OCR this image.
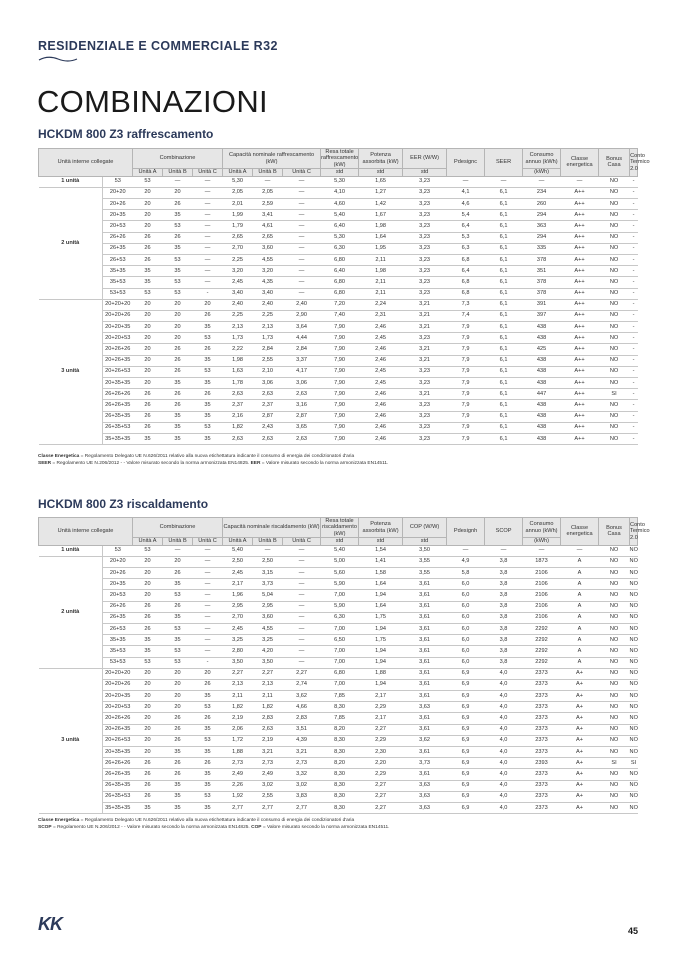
RESIDENZIALE E COMMERCIALE R32
COMBINAZIONI
HCKDM 800 Z3 raffrescamento
Unità interne collegate		Combinazione			Capacità nominale raffrescamento (kW)			Resa totale raffrescamento (kW)	Potenza assorbita (kW)	EER (W/W)	Pdesignc	SEER	Consumo annuo (kWh)	Classe energetica	Bonus Casa	Conto Termico 2.0
		Unità A	Unità B	Unità C	Unità A	Unità B	Unità C	std	std	std			(kWh)			
1 unità	53	53	—	—	5,30	—	—	5,30	1,65	3,23	—	—	—	—	NO	-
2 unità	20+20	20	20	—	2,05	2,05	—	4,10	1,27	3,23	4,1	6,1	234	A++	NO	-
	20+26	20	26	—	2,01	2,59	—	4,60	1,42	3,23	4,6	6,1	260	A++	NO	-
	20+35	20	35	—	1,99	3,41	—	5,40	1,67	3,23	5,4	6,1	294	A++	NO	-
	20+53	20	53	—	1,79	4,61	—	6,40	1,98	3,23	6,4	6,1	363	A++	NO	-
	26+26	26	26	—	2,65	2,65	—	5,30	1,64	3,23	5,3	6,1	294	A++	NO	-
	26+35	26	35	—	2,70	3,60	—	6,30	1,95	3,23	6,3	6,1	335	A++	NO	-
	26+53	26	53	—	2,25	4,55	—	6,80	2,11	3,23	6,8	6,1	378	A++	NO	-
	35+35	35	35	—	3,20	3,20	—	6,40	1,98	3,23	6,4	6,1	351	A++	NO	-
	35+53	35	53	—	2,45	4,35	—	6,80	2,11	3,23	6,8	6,1	378	A++	NO	-
	53+53	53	53	-	3,40	3,40	—	6,80	2,11	3,23	6,8	6,1	378	A++	NO	-
3 unità	20+20+20	20	20	20	2,40	2,40	2,40	7,20	2,24	3,21	7,3	6,1	391	A++	NO	-
	20+20+26	20	20	26	2,25	2,25	2,90	7,40	2,31	3,21	7,4	6,1	397	A++	NO	-
	20+20+35	20	20	35	2,13	2,13	3,64	7,90	2,46	3,21	7,9	6,1	438	A++	NO	-
	20+20+53	20	20	53	1,73	1,73	4,44	7,90	2,45	3,23	7,9	6,1	438	A++	NO	-
	20+26+26	20	26	26	2,22	2,84	2,84	7,90	2,46	3,21	7,9	6,1	425	A++	NO	-
	20+26+35	20	26	35	1,98	2,55	3,37	7,90	2,46	3,21	7,9	6,1	438	A++	NO	-
	20+26+53	20	26	53	1,63	2,10	4,17	7,90	2,45	3,23	7,9	6,1	438	A++	NO	-
	20+35+35	20	35	35	1,78	3,06	3,06	7,90	2,45	3,23	7,9	6,1	438	A++	NO	-
	26+26+26	26	26	26	2,63	2,63	2,63	7,90	2,46	3,21	7,9	6,1	447	A++	SI	-
	26+26+35	26	26	35	2,37	2,37	3,16	7,90	2,46	3,23	7,9	6,1	438	A++	NO	-
	26+35+35	26	35	35	2,16	2,87	2,87	7,90	2,46	3,23	7,9	6,1	438	A++	NO	-
	26+35+53	26	35	53	1,82	2,43	3,65	7,90	2,46	3,23	7,9	6,1	438	A++	NO	-
	35+35+35	35	35	35	2,63	2,63	2,63	7,90	2,46	3,23	7,9	6,1	438	A++	NO	-
Classe Energetica = Regolamento Delegato UE N.626/2011 relativo alla nuova etichettatura indicante il consumo di energia dei condizionatori d'aria
SEER = Regolamento UE N.206/2012 - - Valore misurato secondo la norma armonizzata EN14825. EER = Valore misurato secondo la norma armonizzata EN14511.
HCKDM 800 Z3 riscaldamento
Unità interne collegate		Combinazione			Capacità nominale riscaldamento (kW)			Resa totale riscaldamento (kW)	Potenza assorbita (kW)	COP (W/W)	Pdesignh	SCOP	Consumo annuo (kWh)	Classe energetica	Bonus Casa	Conto Termico 2.0
		Unità A	Unità B	Unità C	Unità A	Unità B	Unità C	std	std	std			(kWh)			
1 unità	53	53	—	—	5,40	—	—	5,40	1,54	3,50	—	—	—	—	NO	NO
2 unità	20+20	20	20	—	2,50	2,50	—	5,00	1,41	3,55	4,9	3,8	1873	A	NO	NO
	20+26	20	26	—	2,45	3,15	—	5,60	1,58	3,55	5,8	3,8	2106	A	NO	NO
	20+35	20	35	—	2,17	3,73	—	5,90	1,64	3,61	6,0	3,8	2106	A	NO	NO
	20+53	20	53	—	1,96	5,04	—	7,00	1,94	3,61	6,0	3,8	2106	A	NO	NO
	26+26	26	26	—	2,95	2,95	—	5,90	1,64	3,61	6,0	3,8	2106	A	NO	NO
	26+35	26	35	—	2,70	3,60	—	6,30	1,75	3,61	6,0	3,8	2106	A	NO	NO
	26+53	26	53	—	2,45	4,55	—	7,00	1,94	3,61	6,0	3,8	2292	A	NO	NO
	35+35	35	35	—	3,25	3,25	—	6,50	1,75	3,61	6,0	3,8	2292	A	NO	NO
	35+53	35	53	—	2,80	4,20	—	7,00	1,94	3,61	6,0	3,8	2292	A	NO	NO
	53+53	53	53	-	3,50	3,50	—	7,00	1,94	3,61	6,0	3,8	2292	A	NO	NO
3 unità	20+20+20	20	20	20	2,27	2,27	2,27	6,80	1,88	3,61	6,9	4,0	2373	A+	NO	NO
	20+20+26	20	20	26	2,13	2,13	2,74	7,00	1,94	3,61	6,9	4,0	2373	A+	NO	NO
	20+20+35	20	20	35	2,11	2,11	3,62	7,85	2,17	3,61	6,9	4,0	2373	A+	NO	NO
	20+20+53	20	20	53	1,82	1,82	4,66	8,30	2,29	3,63	6,9	4,0	2373	A+	NO	NO
	20+26+26	20	26	26	2,19	2,83	2,83	7,85	2,17	3,61	6,9	4,0	2373	A+	NO	NO
	20+26+35	20	26	35	2,06	2,63	3,51	8,20	2,27	3,61	6,9	4,0	2373	A+	NO	NO
	20+26+53	20	26	53	1,72	2,19	4,39	8,30	2,29	3,62	6,9	4,0	2373	A+	NO	NO
	20+35+35	20	35	35	1,88	3,21	3,21	8,30	2,30	3,61	6,9	4,0	2373	A+	NO	NO
	26+26+26	26	26	26	2,73	2,73	2,73	8,20	2,20	3,73	6,9	4,0	2393	A+	SI	SI
	26+26+35	26	26	35	2,49	2,49	3,32	8,30	2,29	3,61	6,9	4,0	2373	A+	NO	NO
	26+35+35	26	35	35	2,26	3,02	3,02	8,30	2,27	3,63	6,9	4,0	2373	A+	NO	NO
	26+35+53	26	35	53	1,92	2,55	3,83	8,30	2,27	3,63	6,9	4,0	2373	A+	NO	NO
	35+35+35	35	35	35	2,77	2,77	2,77	8,30	2,27	3,63	6,9	4,0	2373	A+	NO	NO
Classe Energetica = Regolamento Delegato UE N.626/2011 relativo alla nuova etichettatura indicante il consumo di energia dei condizionatori d'aria
SCOP = Regolamento UE N.206/2012 - - Valore misurato secondo la norma armonizzata EN14825. COP = Valore misurato secondo la norma armonizzata EN14511.
KK	45
